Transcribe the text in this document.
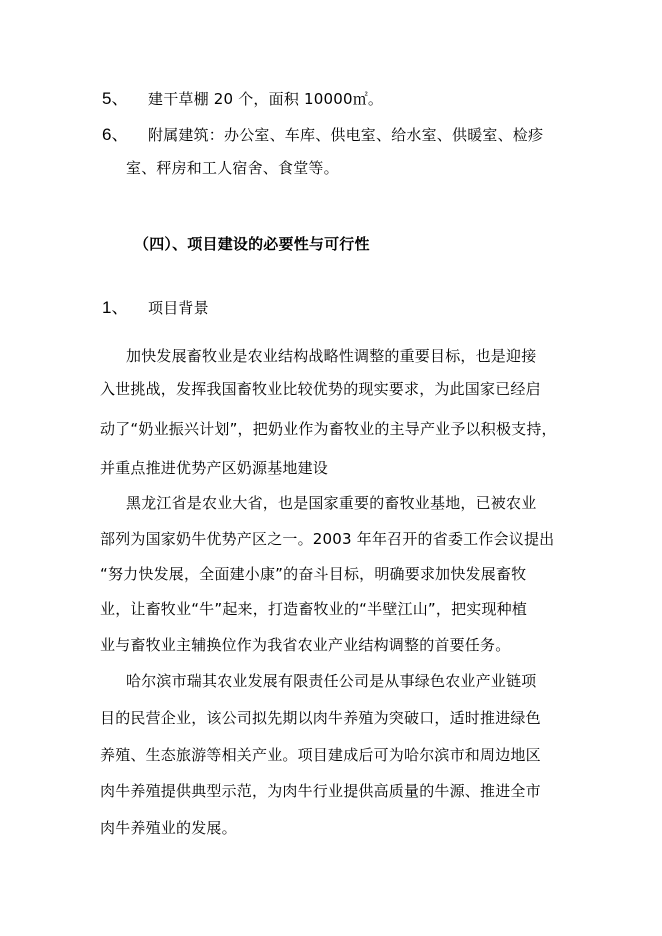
5、 建干草棚 20 个，面积 10000㎡。
6、 附属建筑：办公室、车库、供电室、给水室、供暖室、检疹
室、秤房和工人宿舍、食堂等。
（四）、项目建设的必要性与可行性
1、 项目背景
加快发展畜牧业是农业结构战略性调整的重要目标，也是迎接
入世挑战，发挥我国畜牧业比较优势的现实要求，为此国家已经启
动了“奶业振兴计划”，把奶业作为畜牧业的主导产业予以积极支持，
并重点推进优势产区奶源基地建设
黑龙江省是农业大省，也是国家重要的畜牧业基地，已被农业
部列为国家奶牛优势产区之一。2003 年年召开的省委工作会议提出
“努力快发展，全面建小康”的奋斗目标，明确要求加快发展畜牧
业，让畜牧业“牛”起来，打造畜牧业的“半壁江山”，把实现种植
业与畜牧业主辅换位作为我省农业产业结构调整的首要任务。
哈尔滨市瑞其农业发展有限责任公司是从事绿色农业产业链项
目的民营企业，该公司拟先期以肉牛养殖为突破口，适时推进绿色
养殖、生态旅游等相关产业。项目建成后可为哈尔滨市和周边地区
肉牛养殖提供典型示范，为肉牛行业提供高质量的牛源、推进全市
肉牛养殖业的发展。
